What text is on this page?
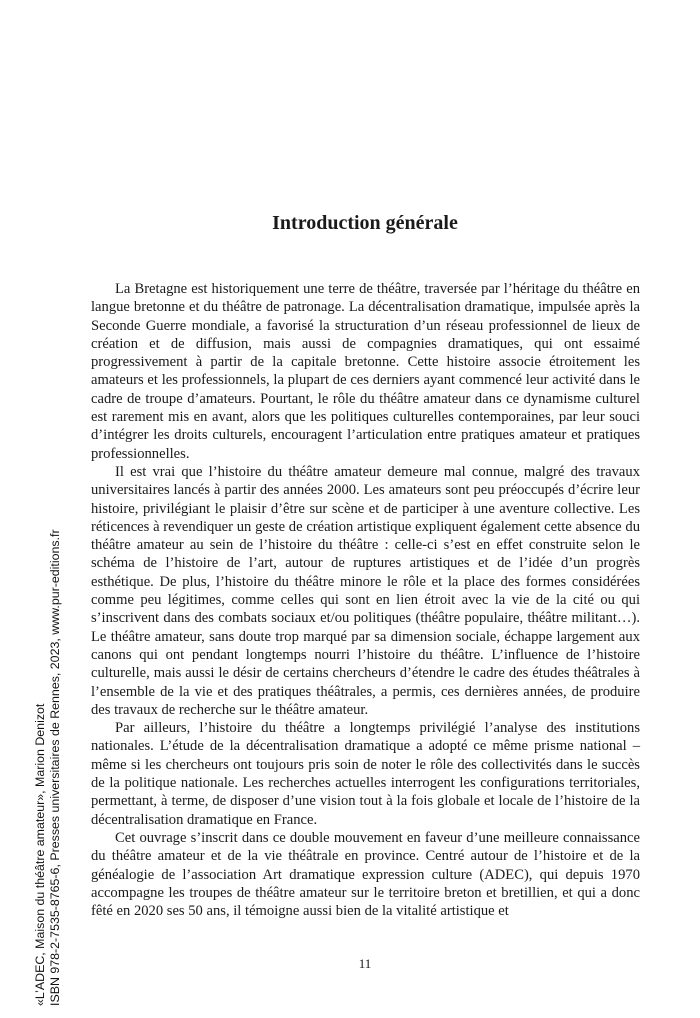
Introduction générale

La Bretagne est historiquement une terre de théâtre, traversée par l’héritage du théâtre en langue bretonne et du théâtre de patronage. La décentralisation dramatique, impulsée après la Seconde Guerre mondiale, a favorisé la structuration d’un réseau professionnel de lieux de création et de diffusion, mais aussi de compagnies dramatiques, qui ont essaimé progressivement à partir de la capitale bretonne. Cette histoire associe étroitement les amateurs et les professionnels, la plupart de ces derniers ayant commencé leur activité dans le cadre de troupe d’amateurs. Pourtant, le rôle du théâtre amateur dans ce dynamisme culturel est rarement mis en avant, alors que les politiques culturelles contemporaines, par leur souci d’intégrer les droits culturels, encouragent l’articulation entre pratiques amateur et pratiques professionnelles.

Il est vrai que l’histoire du théâtre amateur demeure mal connue, malgré des travaux universitaires lancés à partir des années 2000. Les amateurs sont peu préoccupés d’écrire leur histoire, privilégiant le plaisir d’être sur scène et de participer à une aventure collective. Les réticences à revendiquer un geste de création artistique expliquent également cette absence du théâtre amateur au sein de l’histoire du théâtre : celle-ci s’est en effet construite selon le schéma de l’histoire de l’art, autour de ruptures artistiques et de l’idée d’un progrès esthétique. De plus, l’histoire du théâtre minore le rôle et la place des formes considérées comme peu légitimes, comme celles qui sont en lien étroit avec la vie de la cité ou qui s’inscrivent dans des combats sociaux et/ou politiques (théâtre populaire, théâtre militant…). Le théâtre amateur, sans doute trop marqué par sa dimension sociale, échappe largement aux canons qui ont pendant longtemps nourri l’histoire du théâtre. L’influence de l’histoire culturelle, mais aussi le désir de certains chercheurs d’étendre le cadre des études théâtrales à l’ensemble de la vie et des pratiques théâtrales, a permis, ces dernières années, de produire des travaux de recherche sur le théâtre amateur.

Par ailleurs, l’histoire du théâtre a longtemps privilégié l’analyse des institutions nationales. L’étude de la décentralisation dramatique a adopté ce même prisme national – même si les chercheurs ont toujours pris soin de noter le rôle des collectivités dans le succès de la politique nationale. Les recherches actuelles interrogent les configurations territoriales, permettant, à terme, de disposer d’une vision tout à la fois globale et locale de l’histoire de la décentralisation dramatique en France.

Cet ouvrage s’inscrit dans ce double mouvement en faveur d’une meilleure connaissance du théâtre amateur et de la vie théâtrale en province. Centré autour de l’histoire et de la généalogie de l’association Art dramatique expression culture (ADEC), qui depuis 1970 accompagne les troupes de théâtre amateur sur le territoire breton et bretillien, et qui a donc fêté en 2020 ses 50 ans, il témoigne aussi bien de la vitalité artistique et

11
«L’ADEC, Maison du théâtre amateur», Marion Denizot ISBN 978-2-7535-8765-6, Presses universitaires de Rennes, 2023, www.pur-editions.fr
